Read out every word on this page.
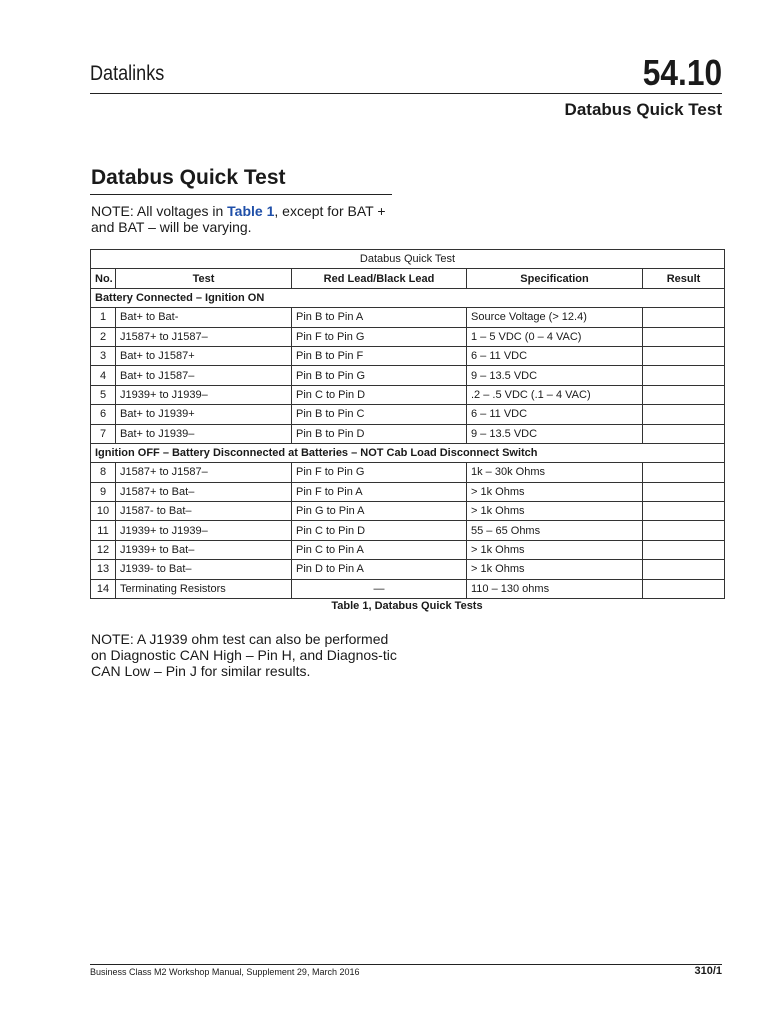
Datalinks	54.10
Databus Quick Test
Databus Quick Test
NOTE: All voltages in Table 1, except for BAT + and BAT – will be varying.
Databus Quick Test				
No.	Test	Red Lead/Black Lead	Specification	Result
Battery Connected – Ignition ON				
1	Bat+ to Bat-	Pin B to Pin A	Source Voltage (> 12.4)	
2	J1587+ to J1587–	Pin F to Pin G	1 – 5 VDC (0 – 4 VAC)	
3	Bat+ to J1587+	Pin B to Pin F	6 – 11 VDC	
4	Bat+ to J1587–	Pin B to Pin G	9 – 13.5 VDC	
5	J1939+ to J1939–	Pin C to Pin D	.2 – .5 VDC (.1 – 4 VAC)	
6	Bat+ to J1939+	Pin B to Pin C	6 – 11 VDC	
7	Bat+ to J1939–	Pin B to Pin D	9 – 13.5 VDC	
Ignition OFF – Battery Disconnected at Batteries – NOT Cab Load Disconnect Switch				
8	J1587+ to J1587–	Pin F to Pin G	1k – 30k Ohms	
9	J1587+ to Bat–	Pin F to Pin A	> 1k Ohms	
10	J1587- to Bat–	Pin G to Pin A	> 1k Ohms	
11	J1939+ to J1939–	Pin C to Pin D	55 – 65 Ohms	
12	J1939+ to Bat–	Pin C to Pin A	> 1k Ohms	
13	J1939- to Bat–	Pin D to Pin A	> 1k Ohms	
14	Terminating Resistors	—	110 – 130 ohms	
Table 1, Databus Quick Tests
NOTE: A J1939 ohm test can also be performed on Diagnostic CAN High – Pin H, and Diagnos-tic CAN Low – Pin J for similar results.
Business Class M2 Workshop Manual, Supplement 29, March 2016	310/1
